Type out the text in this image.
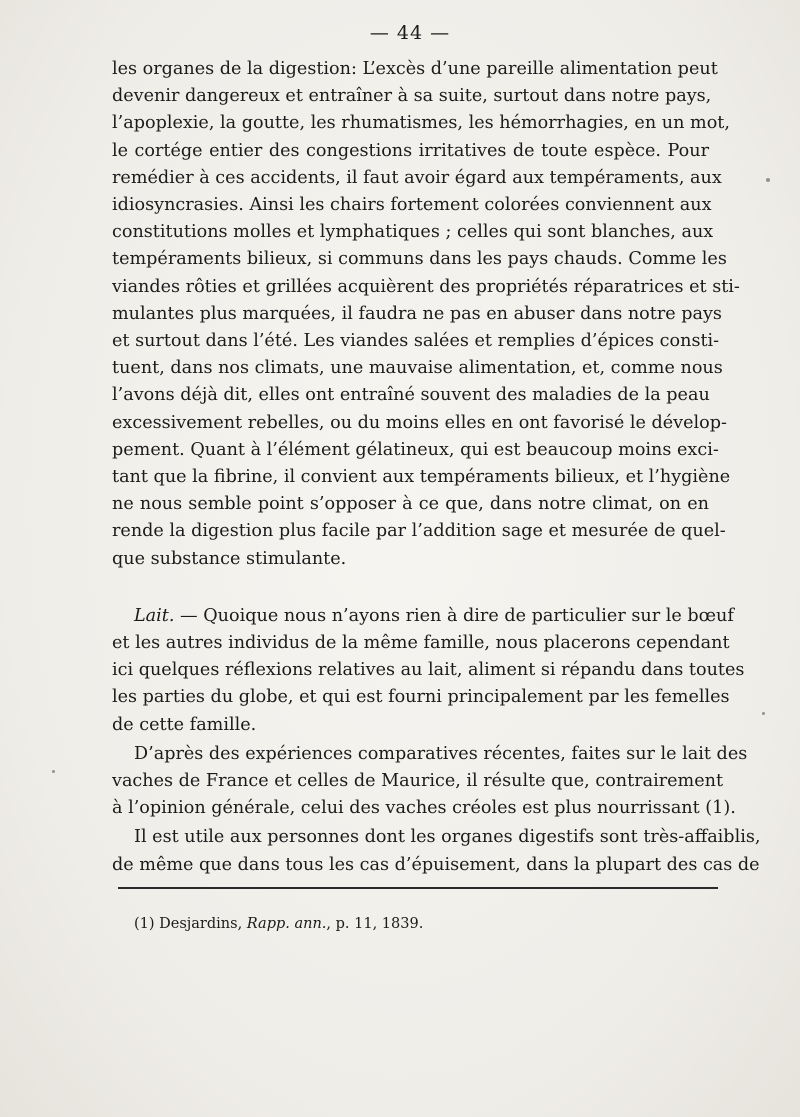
— 44 —
les organes de la digestion: L’excès d’une pareille alimentation peut
devenir dangereux et entraîner à sa suite, surtout dans notre pays,
l’apoplexie, la goutte, les rhumatismes, les hémorrhagies, en un mot,
le cortége entier des congestions irritatives de toute espèce. Pour
remédier à ces accidents, il faut avoir égard aux tempéraments, aux
idiosyncrasies. Ainsi les chairs fortement colorées conviennent aux
constitutions molles et lymphatiques ; celles qui sont blanches, aux
tempéraments bilieux, si communs dans les pays chauds. Comme les
viandes rôties et grillées acquièrent des propriétés réparatrices et sti-
mulantes plus marquées, il faudra ne pas en abuser dans notre pays
et surtout dans l’été. Les viandes salées et remplies d’épices consti-
tuent, dans nos climats, une mauvaise alimentation, et, comme nous
l’avons déjà dit, elles ont entraîné souvent des maladies de la peau
excessivement rebelles, ou du moins elles en ont favorisé le dévelop-
pement. Quant à l’élément gélatineux, qui est beaucoup moins exci-
tant que la fibrine, il convient aux tempéraments bilieux, et l’hygiène
ne nous semble point s’opposer à ce que, dans notre climat, on en
rende la digestion plus facile par l’addition sage et mesurée de quel-
que substance stimulante.
Lait. — Quoique nous n’ayons rien à dire de particulier sur le bœuf
et les autres individus de la même famille, nous placerons cependant
ici quelques réflexions relatives au lait, aliment si répandu dans toutes
les parties du globe, et qui est fourni principalement par les femelles
de cette famille.
D’après des expériences comparatives récentes, faites sur le lait des
vaches de France et celles de Maurice, il résulte que, contrairement
à l’opinion générale, celui des vaches créoles est plus nourrissant (1).
Il est utile aux personnes dont les organes digestifs sont très-affaiblis,
de même que dans tous les cas d’épuisement, dans la plupart des cas de
(1) Desjardins, Rapp. ann., p. 11, 1839.
